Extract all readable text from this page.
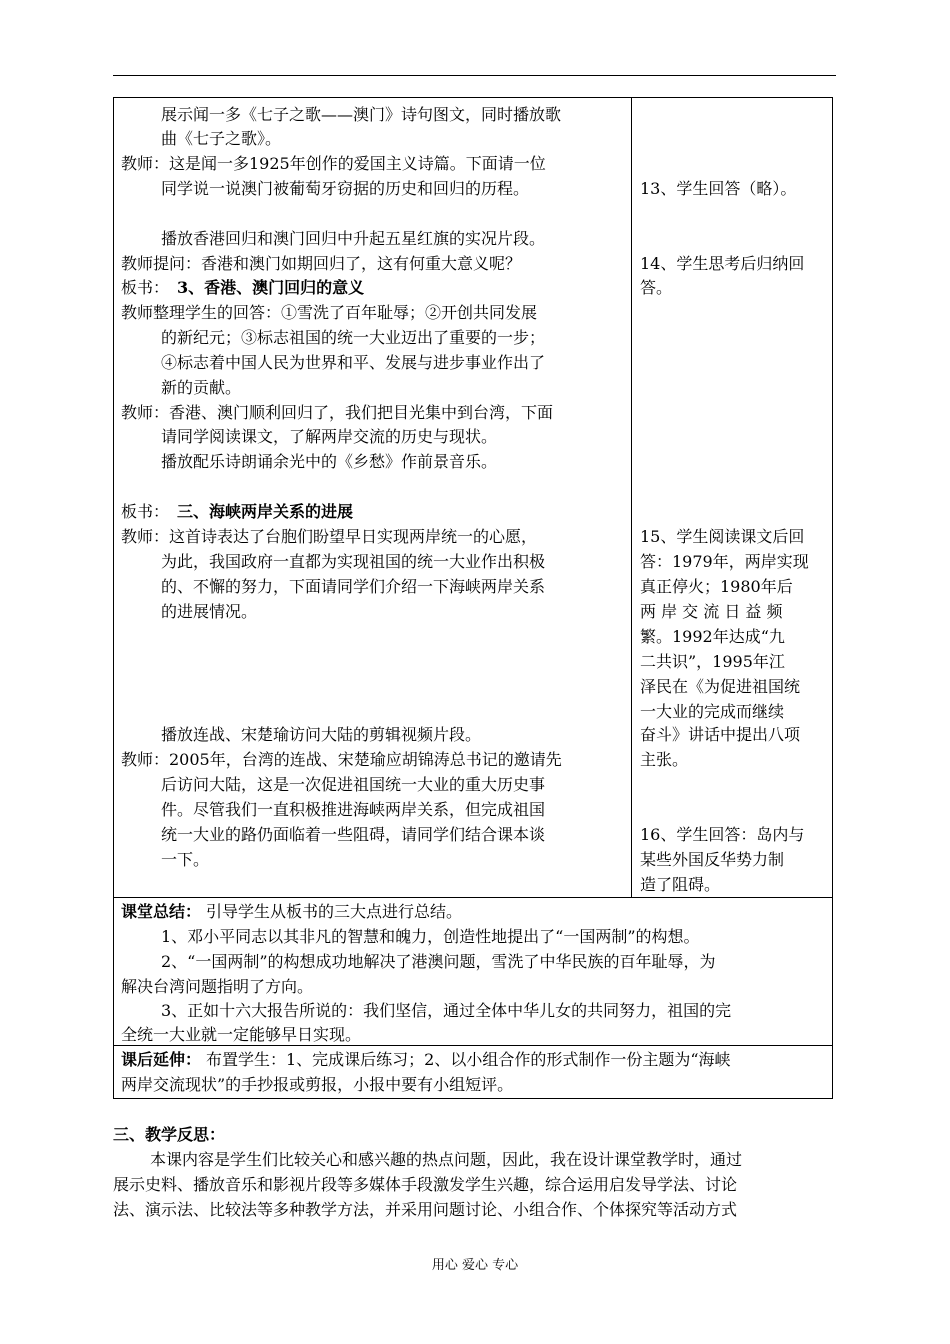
展示闻一多《七子之歌——澳门》诗句图文，同时播放歌
曲《七子之歌》。
教师：这是闻一多1925年创作的爱国主义诗篇。下面请一位
同学说一说澳门被葡萄牙窃据的历史和回归的历程。
播放香港回归和澳门回归中升起五星红旗的实况片段。
教师提问：香港和澳门如期回归了，这有何重大意义呢？
板书： 3、香港、澳门回归的意义
教师整理学生的回答：①雪洗了百年耻辱；②开创共同发展
的新纪元；③标志祖国的统一大业迈出了重要的一步；
④标志着中国人民为世界和平、发展与进步事业作出了
新的贡献。
教师：香港、澳门顺利回归了，我们把目光集中到台湾，下面
请同学阅读课文，了解两岸交流的历史与现状。
播放配乐诗朗诵余光中的《乡愁》作前景音乐。
板书： 三、海峡两岸关系的进展
教师：这首诗表达了台胞们盼望早日实现两岸统一的心愿，
为此，我国政府一直都为实现祖国的统一大业作出积极
的、不懈的努力，下面请同学们介绍一下海峡两岸关系
的进展情况。
播放连战、宋楚瑜访问大陆的剪辑视频片段。
教师：2005年，台湾的连战、宋楚瑜应胡锦涛总书记的邀请先
后访问大陆，这是一次促进祖国统一大业的重大历史事
件。尽管我们一直积极推进海峡两岸关系，但完成祖国
统一大业的路仍面临着一些阻碍，请同学们结合课本谈
一下。
13、学生回答（略）。
14、学生思考后归纳回
答。
15、学生阅读课文后回
答：1979年，两岸实现
真正停火；1980年后
两 岸 交 流 日 益 频
繁。1992年达成“九
二共识”，1995年江
泽民在《为促进祖国统
一大业的完成而继续
奋斗》讲话中提出八项
主张。
16、学生回答：岛内与
某些外国反华势力制
造了阻碍。
课堂总结： 引导学生从板书的三大点进行总结。
1、邓小平同志以其非凡的智慧和魄力，创造性地提出了“一国两制”的构想。
2、“一国两制”的构想成功地解决了港澳问题，雪洗了中华民族的百年耻辱，为
解决台湾问题指明了方向。
3、正如十六大报告所说的：我们坚信，通过全体中华儿女的共同努力，祖国的完
全统一大业就一定能够早日实现。
课后延伸： 布置学生：1、完成课后练习；2、以小组合作的形式制作一份主题为“海峡
两岸交流现状”的手抄报或剪报，小报中要有小组短评。
三、教学反思：
本课内容是学生们比较关心和感兴趣的热点问题，因此，我在设计课堂教学时，通过
展示史料、播放音乐和影视片段等多媒体手段激发学生兴趣，综合运用启发导学法、讨论
法、演示法、比较法等多种教学方法，并采用问题讨论、小组合作、个体探究等活动方式
用心 爱心 专心
